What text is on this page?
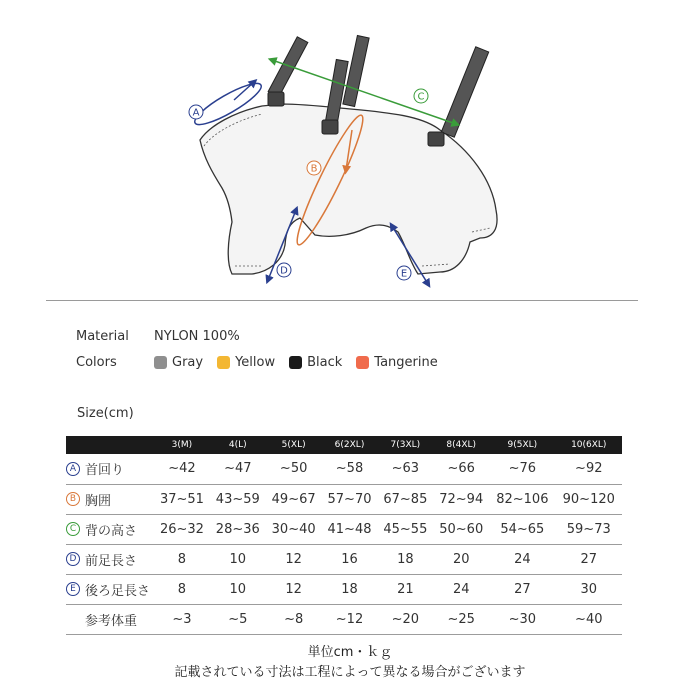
A
B
C
D	E
Material	NYLON 100%
Colors	Gray Yellow Black Tangerine
Size(cm)
	3(M)	4(L)	5(XL)	6(2XL)	7(3XL)	8(4XL)	9(5XL)	10(6XL)
A 首回り	~42	~47	~50	~58	~63	~66	~76	~92
B 胸囲	37~51	43~59	49~67	57~70	67~85	72~94	82~106	90~120
C 背の高さ	26~32	28~36	30~40	41~48	45~55	50~60	54~65	59~73
D 前足長さ	8	10	12	16	18	20	24	27
E 後ろ足長さ	8	10	12	18	21	24	27	30
参考体重	~3	~5	~8	~12	~20	~25	~30	~40
単位cm・ｋｇ
記載されている寸法は工程によって異なる場合がございます
